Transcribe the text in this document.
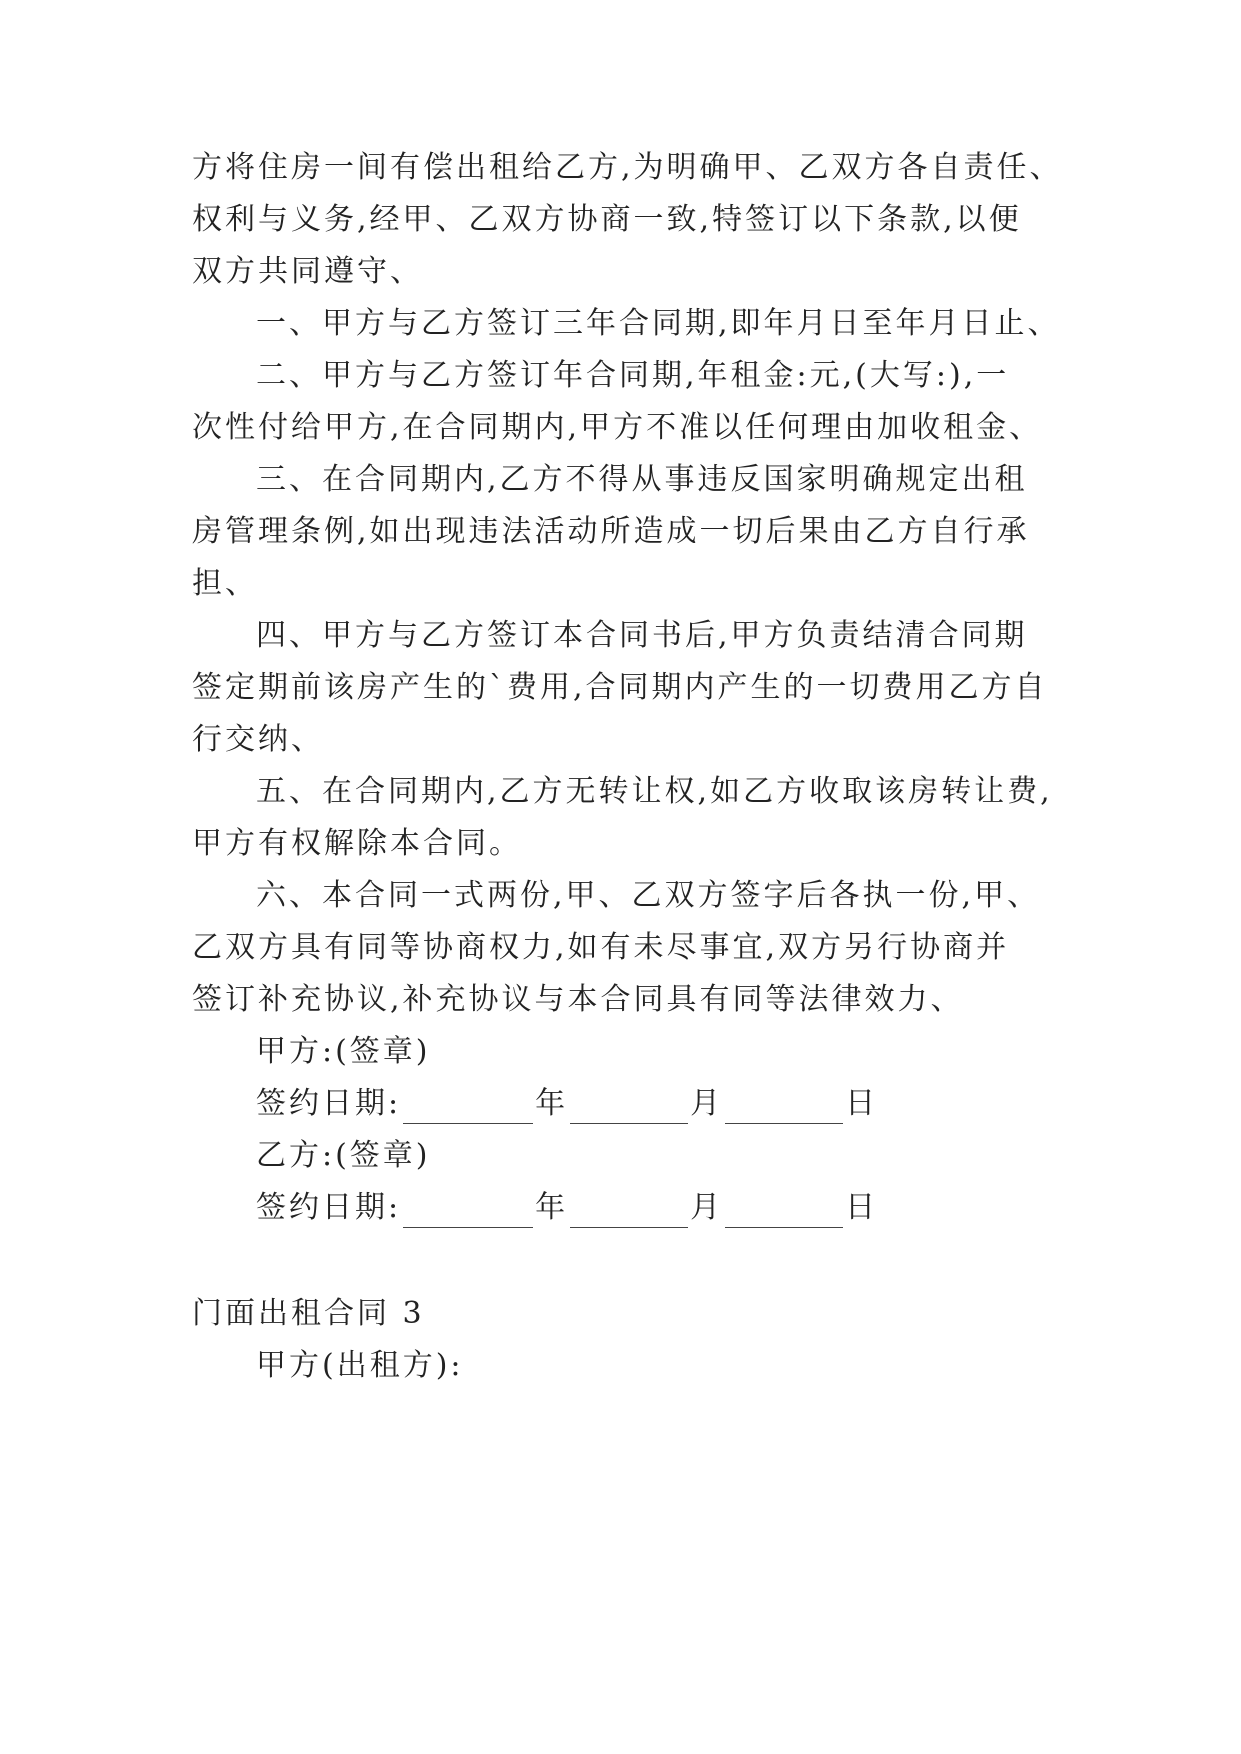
方将住房一间有偿出租给乙方,为明确甲、乙双方各自责任、
权利与义务,经甲、乙双方协商一致,特签订以下条款,以便
双方共同遵守、
一、甲方与乙方签订三年合同期,即年月日至年月日止、
二、甲方与乙方签订年合同期,年租金:元,(大写:),一
次性付给甲方,在合同期内,甲方不准以任何理由加收租金、
三、在合同期内,乙方不得从事违反国家明确规定出租
房管理条例,如出现违法活动所造成一切后果由乙方自行承
担、
四、甲方与乙方签订本合同书后,甲方负责结清合同期
签定期前该房产生的`费用,合同期内产生的一切费用乙方自
行交纳、
五、在合同期内,乙方无转让权,如乙方收取该房转让费,
甲方有权解除本合同。
六、本合同一式两份,甲、乙双方签字后各执一份,甲、
乙双方具有同等协商权力,如有未尽事宜,双方另行协商并
签订补充协议,补充协议与本合同具有同等法律效力、
甲方:(签章)
签约日期:	年	月	日
乙方:(签章)
签约日期:	年	月	日
门面出租合同 3
甲方(出租方):
